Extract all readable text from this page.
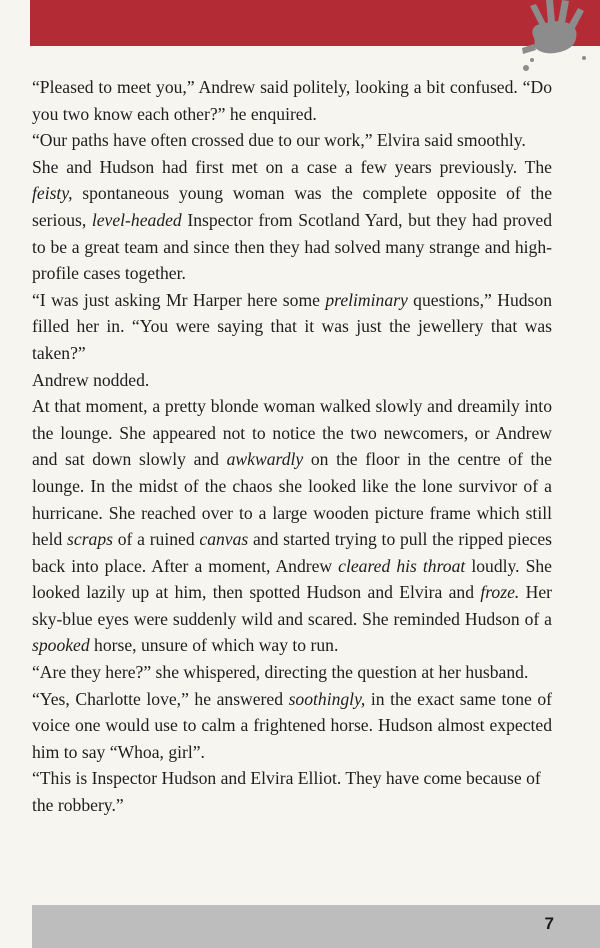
“Pleased to meet you,” Andrew said politely, looking a bit confused. “Do you two know each other?” he enquired.

“Our paths have often crossed due to our work,” Elvira said smoothly.

She and Hudson had first met on a case a few years previously. The feisty, spontaneous young woman was the complete opposite of the serious, level-headed Inspector from Scotland Yard, but they had proved to be a great team and since then they had solved many strange and high-profile cases together.

“I was just asking Mr Harper here some preliminary questions,” Hudson filled her in. “You were saying that it was just the jewellery that was taken?”

Andrew nodded.

At that moment, a pretty blonde woman walked slowly and dreamily into the lounge. She appeared not to notice the two newcomers, or Andrew and sat down slowly and awkwardly on the floor in the centre of the lounge. In the midst of the chaos she looked like the lone survivor of a hurricane. She reached over to a large wooden picture frame which still held scraps of a ruined canvas and started trying to pull the ripped pieces back into place. After a moment, Andrew cleared his throat loudly. She looked lazily up at him, then spotted Hudson and Elvira and froze. Her sky-blue eyes were suddenly wild and scared. She reminded Hudson of a spooked horse, unsure of which way to run.

“Are they here?” she whispered, directing the question at her husband.

“Yes, Charlotte love,” he answered soothingly, in the exact same tone of voice one would use to calm a frightened horse. Hudson almost expected him to say “Whoa, girl”.

“This is Inspector Hudson and Elvira Elliot. They have come because of the robbery.”

7
